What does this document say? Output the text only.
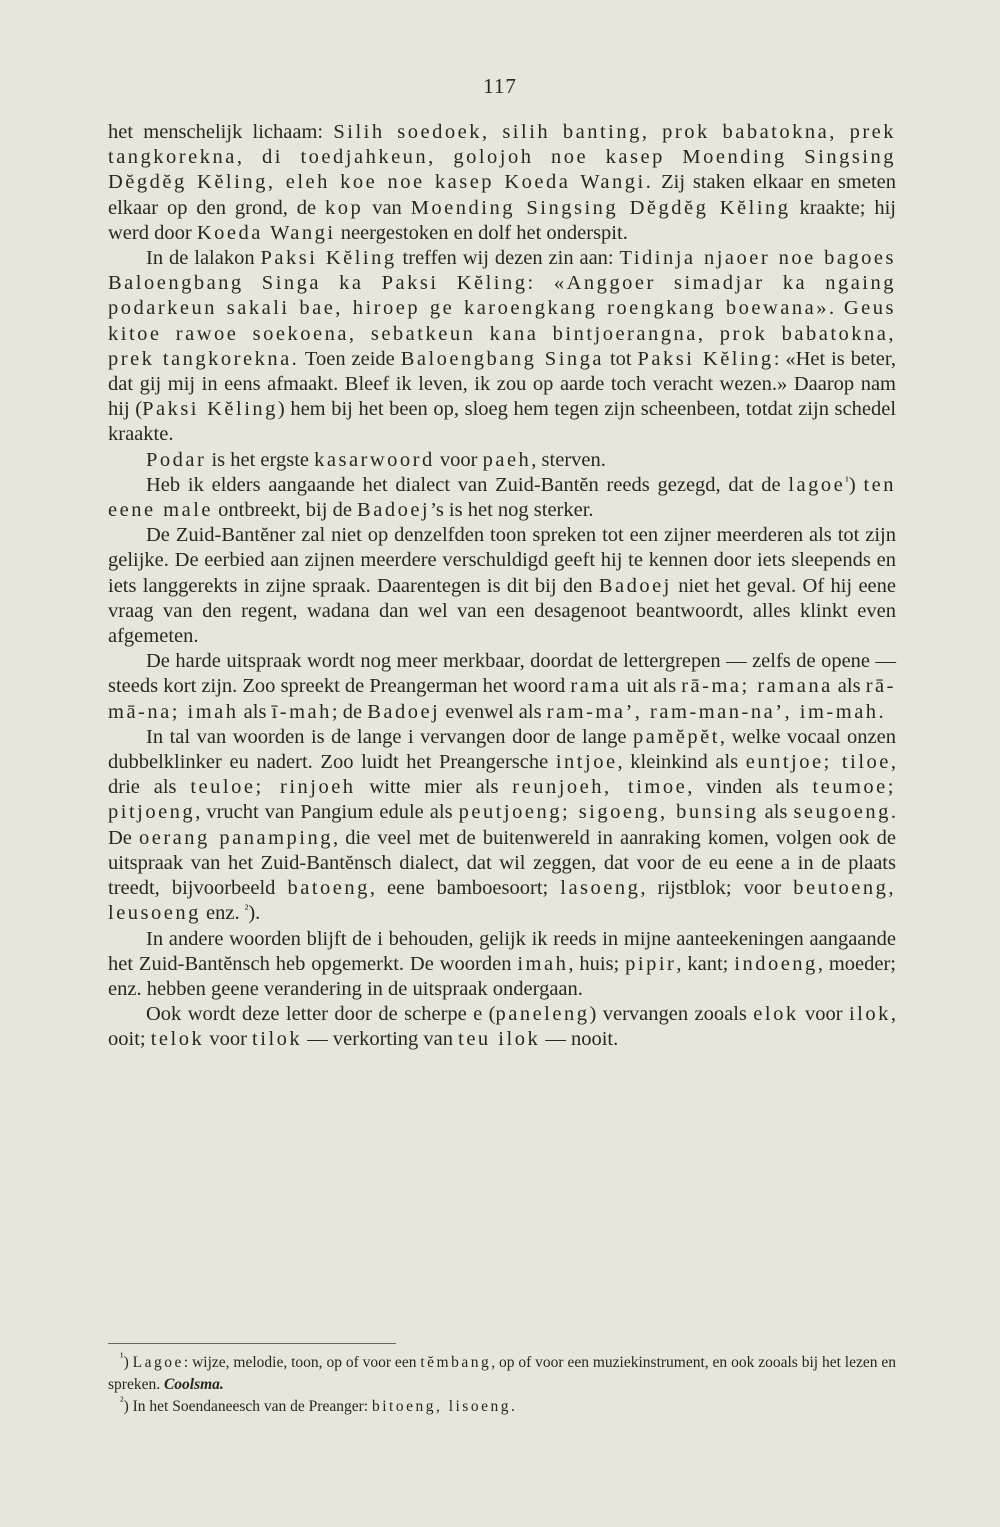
117

het menschelijk lichaam: Silih soedoek, silih banting, prok babatokna, prek tangkorekna, di toedjahkeun, golojoh noe kasep Moending Singsing Dĕgdĕg Kĕling, eleh koe noe kasep Koeda Wangi. Zij staken elkaar en smeten elkaar op den grond, de kop van Moending Singsing Dĕgdĕg Kĕling kraakte; hij werd door Koeda Wangi neergestoken en dolf het onderspit.

In de lalakon Paksi Kĕling treffen wij dezen zin aan: Tidinja njaoer noe bagoes Baloengbang Singa ka Paksi Kĕling: «Anggoer simadjar ka ngaing podarkeun sakali bae, hiroep ge karoengkang roengkang boewana». Geus kitoe rawoe soekoena, sebatkeun kana bintjoerangna, prok babatokna, prek tangkorekna. Toen zeide Baloengbang Singa tot Paksi Kĕling: «Het is beter, dat gij mij in eens afmaakt. Bleef ik leven, ik zou op aarde toch veracht wezen.» Daarop nam hij (Paksi Kĕling) hem bij het been op, sloeg hem tegen zijn scheenbeen, totdat zijn schedel kraakte.

Podar is het ergste kasarwoord voor paeh, sterven.

Heb ik elders aangaande het dialect van Zuid-Bantĕn reeds gezegd, dat de lagoe$^{^1}$) ten eene male ontbreekt, bij de Badoej’s is het nog sterker.

De Zuid-Bantĕner zal niet op denzelfden toon spreken tot een zijner meerderen als tot zijn gelijke. De eerbied aan zijnen meerdere verschuldigd geeft hij te kennen door iets sleepends en iets langgerekts in zijne spraak. Daarentegen is dit bij den Badoej niet het geval. Of hij eene vraag van den regent, wadana dan wel van een desagenoot beantwoordt, alles klinkt even afgemeten.

De harde uitspraak wordt nog meer merkbaar, doordat de lettergrepen — zelfs de opene — steeds kort zijn. Zoo spreekt de Preangerman het woord rama uit als rā-ma; ramana als rā-mā-na; imah als ī-mah; de Badoej evenwel als ram-ma’, ram-man-na’, im-mah.

In tal van woorden is de lange i vervangen door de lange pamĕpĕt, welke vocaal onzen dubbelklinker eu nadert. Zoo luidt het Preangersche intjoe, kleinkind als euntjoe; tiloe, drie als teuloe; rinjoeh witte mier als reunjoeh, timoe, vinden als teumoe; pitjoeng, vrucht van Pangium edule als peutjoeng; sigoeng, bunsing als seugoeng. De oerang panamping, die veel met de buitenwereld in aanraking komen, volgen ook de uitspraak van het Zuid-Bantĕnsch dialect, dat wil zeggen, dat voor de eu eene a in de plaats treedt, bijvoorbeeld batoeng, eene bamboesoort; lasoeng, rijstblok; voor beutoeng, leusoeng enz. $^{^2}$).

In andere woorden blijft de i behouden, gelijk ik reeds in mijne aanteekeningen aangaande het Zuid-Bantĕnsch heb opgemerkt. De woorden imah, huis; pipir, kant; indoeng, moeder; enz. hebben geene verandering in de uitspraak ondergaan.

Ook wordt deze letter door de scherpe e (paneleng) vervangen zooals elok voor ilok, ooit; telok voor tilok — verkorting van teu ilok — nooit.

$^{^1}$) Lagoe: wijze, melodie, toon, op of voor een tĕmbang, op of voor een muziekinstrument, en ook zooals bij het lezen en spreken. Coolsma.

$^{^2}$) In het Soendaneesch van de Preanger: bitoeng, lisoeng.
